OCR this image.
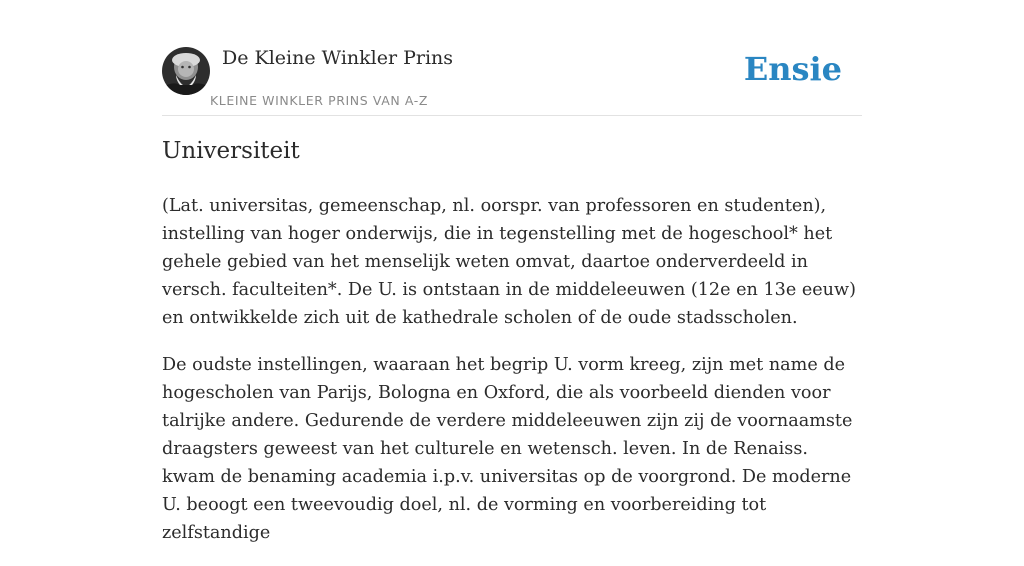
De Kleine Winkler Prins
KLEINE WINKLER PRINS VAN A-Z
Ensie
Universiteit

(Lat. universitas, gemeenschap, nl. oorspr. van professoren en studenten), instelling van hoger onderwijs, die in tegenstelling met de hogeschool* het gehele gebied van het menselijk weten omvat, daartoe onderverdeeld in versch. faculteiten*. De U. is ontstaan in de middeleeuwen (12e en 13e eeuw) en ontwikkelde zich uit de kathedrale scholen of de oude stadsscholen.

De oudste instellingen, waaraan het begrip U. vorm kreeg, zijn met name de hogescholen van Parijs, Bologna en Oxford, die als voorbeeld dienden voor talrijke andere. Gedurende de verdere middeleeuwen zijn zij de voornaamste draagsters geweest van het culturele en wetensch. leven. In de Renaiss. kwam de benaming academia i.p.v. universitas op de voorgrond. De moderne U. beoogt een tweevoudig doel, nl. de vorming en voorbereiding tot zelfstandige
